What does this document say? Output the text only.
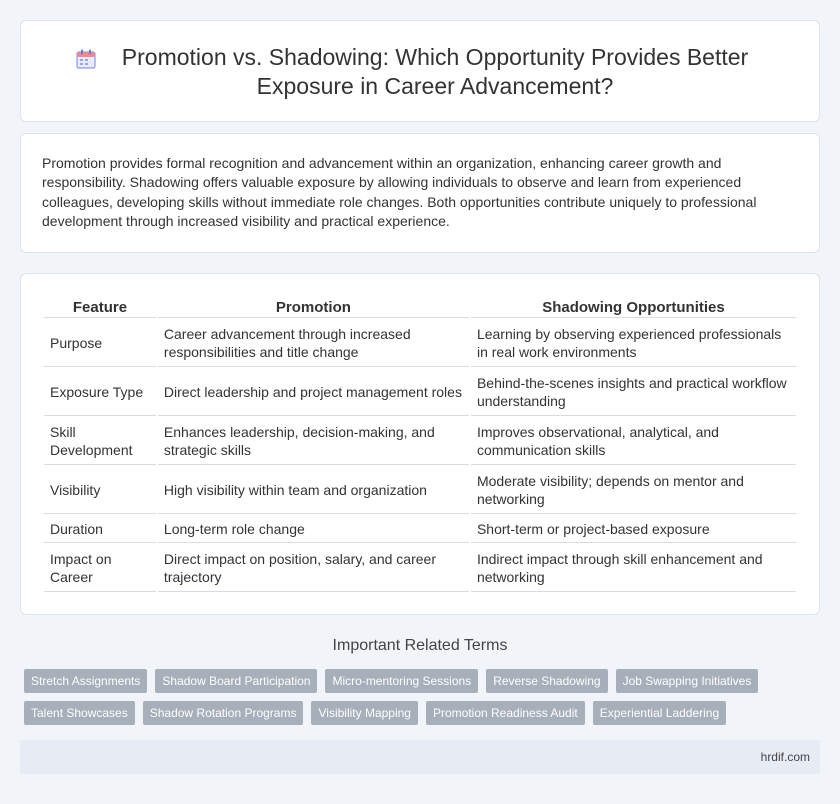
Promotion vs. Shadowing: Which Opportunity Provides Better Exposure in Career Advancement?

Promotion provides formal recognition and advancement within an organization, enhancing career growth and responsibility. Shadowing offers valuable exposure by allowing individuals to observe and learn from experienced colleagues, developing skills without immediate role changes. Both opportunities contribute uniquely to professional development through increased visibility and practical experience.

Feature	Promotion	Shadowing Opportunities
Purpose	Career advancement through increased responsibilities and title change	Learning by observing experienced professionals in real work environments
Exposure Type	Direct leadership and project management roles	Behind-the-scenes insights and practical workflow understanding
Skill Development	Enhances leadership, decision-making, and strategic skills	Improves observational, analytical, and communication skills
Visibility	High visibility within team and organization	Moderate visibility; depends on mentor and networking
Duration	Long-term role change	Short-term or project-based exposure
Impact on Career	Direct impact on position, salary, and career trajectory	Indirect impact through skill enhancement and networking
Important Related Terms
Stretch Assignments	Shadow Board Participation	Micro-mentoring Sessions	Reverse Shadowing	Job Swapping Initiatives
Talent Showcases	Shadow Rotation Programs	Visibility Mapping	Promotion Readiness Audit	Experiential Laddering
hrdif.com
